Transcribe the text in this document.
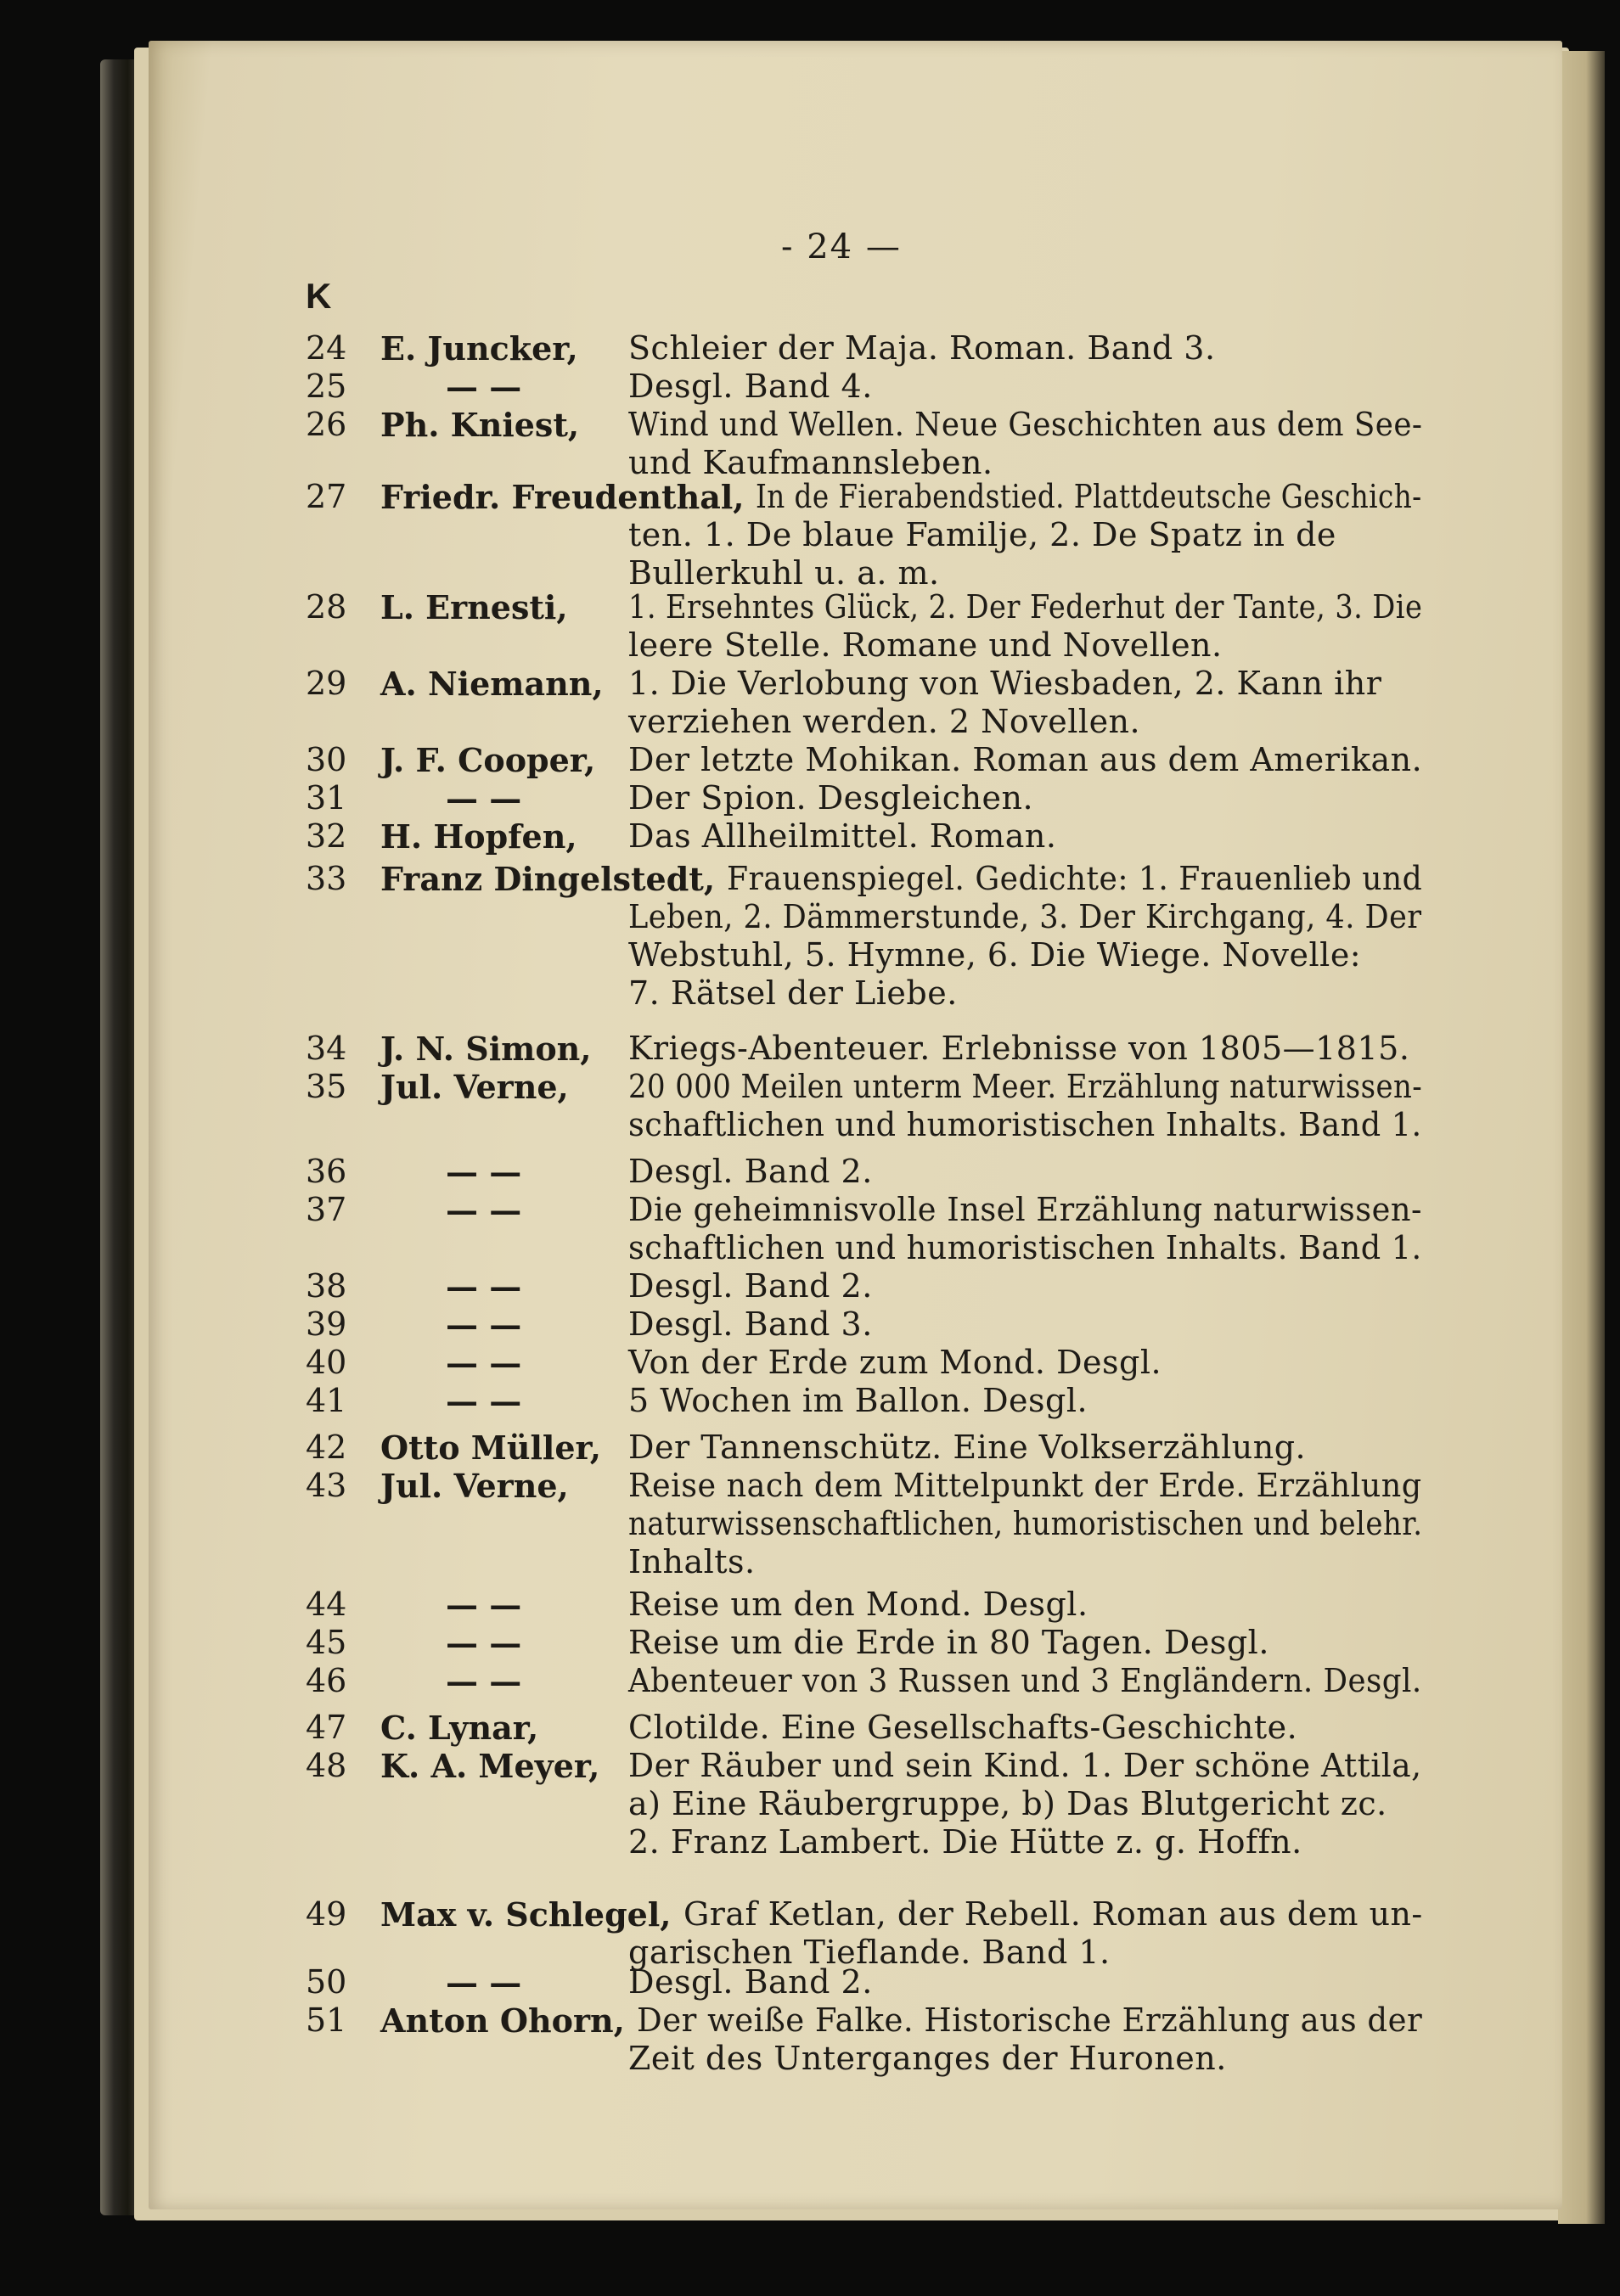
- 24 —
K
24	E. Juncker, Schleier der Maja. Roman. Band 3.
25	— —	Desgl. Band 4.
26	Ph. Kniest, Wind und Wellen. Neue Geschichten aus dem See-
und Kaufmannsleben.
27	Friedr. Freudenthal, In de Fierabendstied. Plattdeutsche Geschich-
ten. 1. De blaue Familje, 2. De Spatz in de
Bullerkuhl u. a. m.
28	L. Ernesti, 1. Ersehntes Glück, 2. Der Federhut der Tante, 3. Die
leere Stelle. Romane und Novellen.
29	A. Niemann, 1. Die Verlobung von Wiesbaden, 2. Kann ihr
verziehen werden. 2 Novellen.
30	J. F. Cooper, Der letzte Mohikan. Roman aus dem Amerikan.
31	— —	Der Spion. Desgleichen.
32	H. Hopfen, Das Allheilmittel. Roman.
33	Franz Dingelstedt, Frauenspiegel. Gedichte: 1. Frauenlieb und
Leben, 2. Dämmerstunde, 3. Der Kirchgang, 4. Der
Webstuhl, 5. Hymne, 6. Die Wiege. Novelle:
7. Rätsel der Liebe.
34	J. N. Simon, Kriegs-Abenteuer. Erlebnisse von 1805—1815.
35	Jul. Verne, 20 000 Meilen unterm Meer. Erzählung naturwissen-
schaftlichen und humoristischen Inhalts. Band 1.
36	— —	Desgl. Band 2.
37	— —	Die geheimnisvolle Insel Erzählung naturwissen-
schaftlichen und humoristischen Inhalts. Band 1.
38	— —	Desgl. Band 2.
39	— —	Desgl. Band 3.
40	— —	Von der Erde zum Mond. Desgl.
41	— —	5 Wochen im Ballon. Desgl.
42	Otto Müller, Der Tannenschütz. Eine Volkserzählung.
43	Jul. Verne, Reise nach dem Mittelpunkt der Erde. Erzählung
naturwissenschaftlichen, humoristischen und belehr.
Inhalts.
44	— —	Reise um den Mond. Desgl.
45	— —	Reise um die Erde in 80 Tagen. Desgl.
46	— —	Abenteuer von 3 Russen und 3 Engländern. Desgl.
47	C. Lynar,	Clotilde. Eine Gesellschafts-Geschichte.
48	K. A. Meyer, Der Räuber und sein Kind. 1. Der schöne Attila,
a) Eine Räubergruppe, b) Das Blutgericht zc.
2. Franz Lambert. Die Hütte z. g. Hoffn.
49	Max v. Schlegel, Graf Ketlan, der Rebell. Roman aus dem un-
garischen Tieflande. Band 1.
50	— —	Desgl. Band 2.
51	Anton Ohorn, Der weiße Falke. Historische Erzählung aus der
Zeit des Unterganges der Huronen.
